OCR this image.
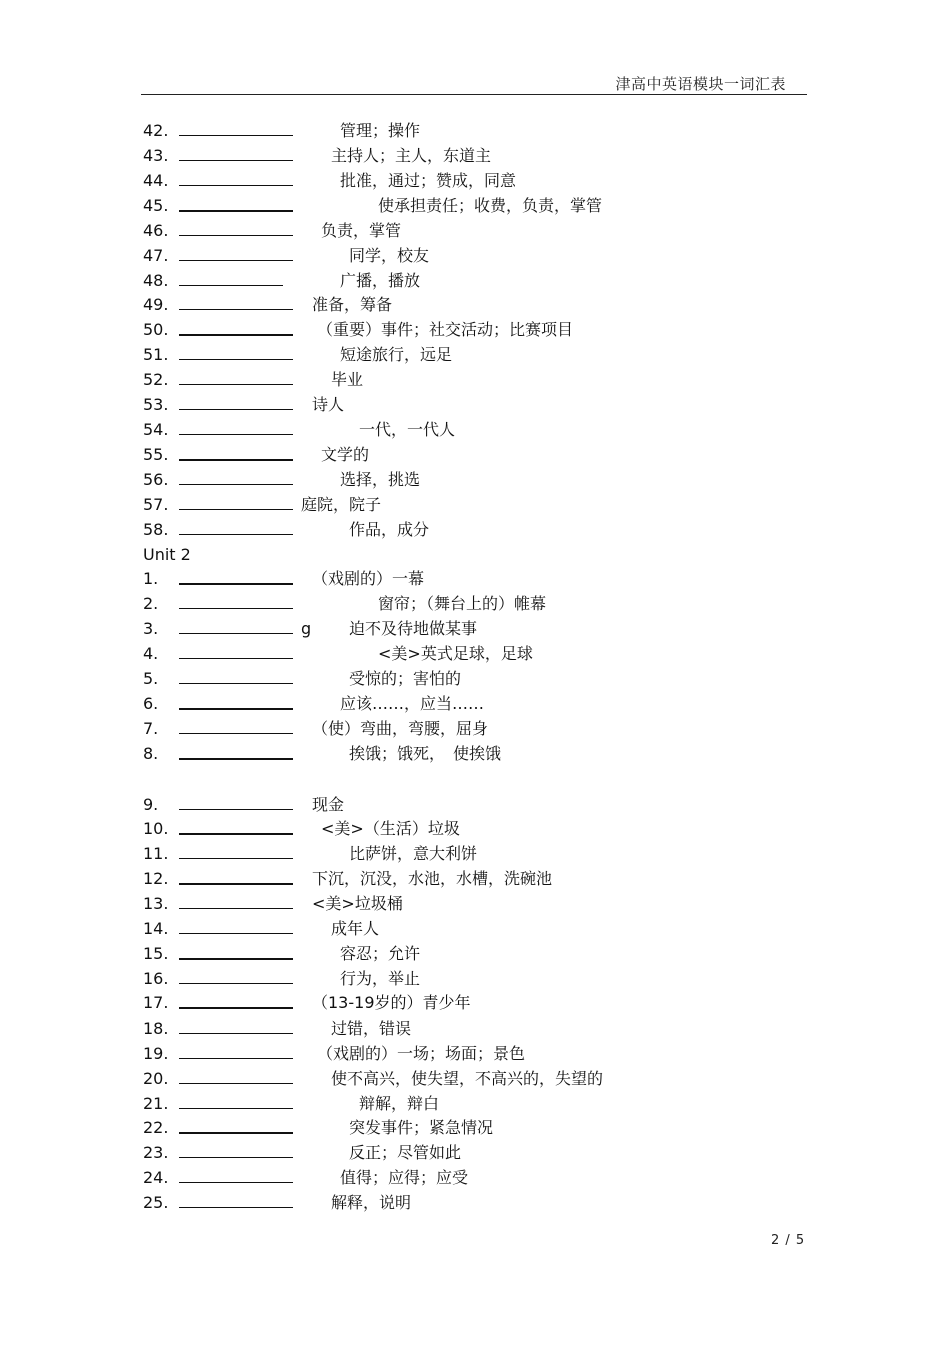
津高中英语模块一词汇表
42.	管理；操作
43.	主持人；主人，东道主
44.	批准，通过；赞成，同意
45.	使承担责任；收费，负责，掌管
46.	负责，掌管
47.	同学，校友
48.	广播，播放
49.	准备，筹备
50.	（重要）事件；社交活动；比赛项目
51.	短途旅行，远足
52.	毕业
53.	诗人
54.	一代，一代人
55.	文学的
56.	选择，挑选
57.	庭院，院子
58.	作品，成分
Unit 2
1.	（戏剧的）一幕
2.	窗帘；（舞台上的）帷幕
3.	g 迫不及待地做某事
4.	<美>英式足球，足球
5.	受惊的；害怕的
6.	应该……，应当……
7.	（使）弯曲，弯腰，屈身
8.	挨饿；饿死，　使挨饿
9.	现金
10.	<美>（生活）垃圾
11.	比萨饼，意大利饼
12.	下沉，沉没，水池，水槽，洗碗池
13.	<美>垃圾桶
14.	成年人
15.	容忍；允许
16.	行为，举止
17.	（13-19岁的）青少年
18.	过错，错误
19.	（戏剧的）一场；场面；景色
20.	使不高兴，使失望，不高兴的，失望的
21.	辩解，辩白
22.	突发事件；紧急情况
23.	反正；尽管如此
24.	值得；应得；应受
25.	解释，说明
2 / 5
